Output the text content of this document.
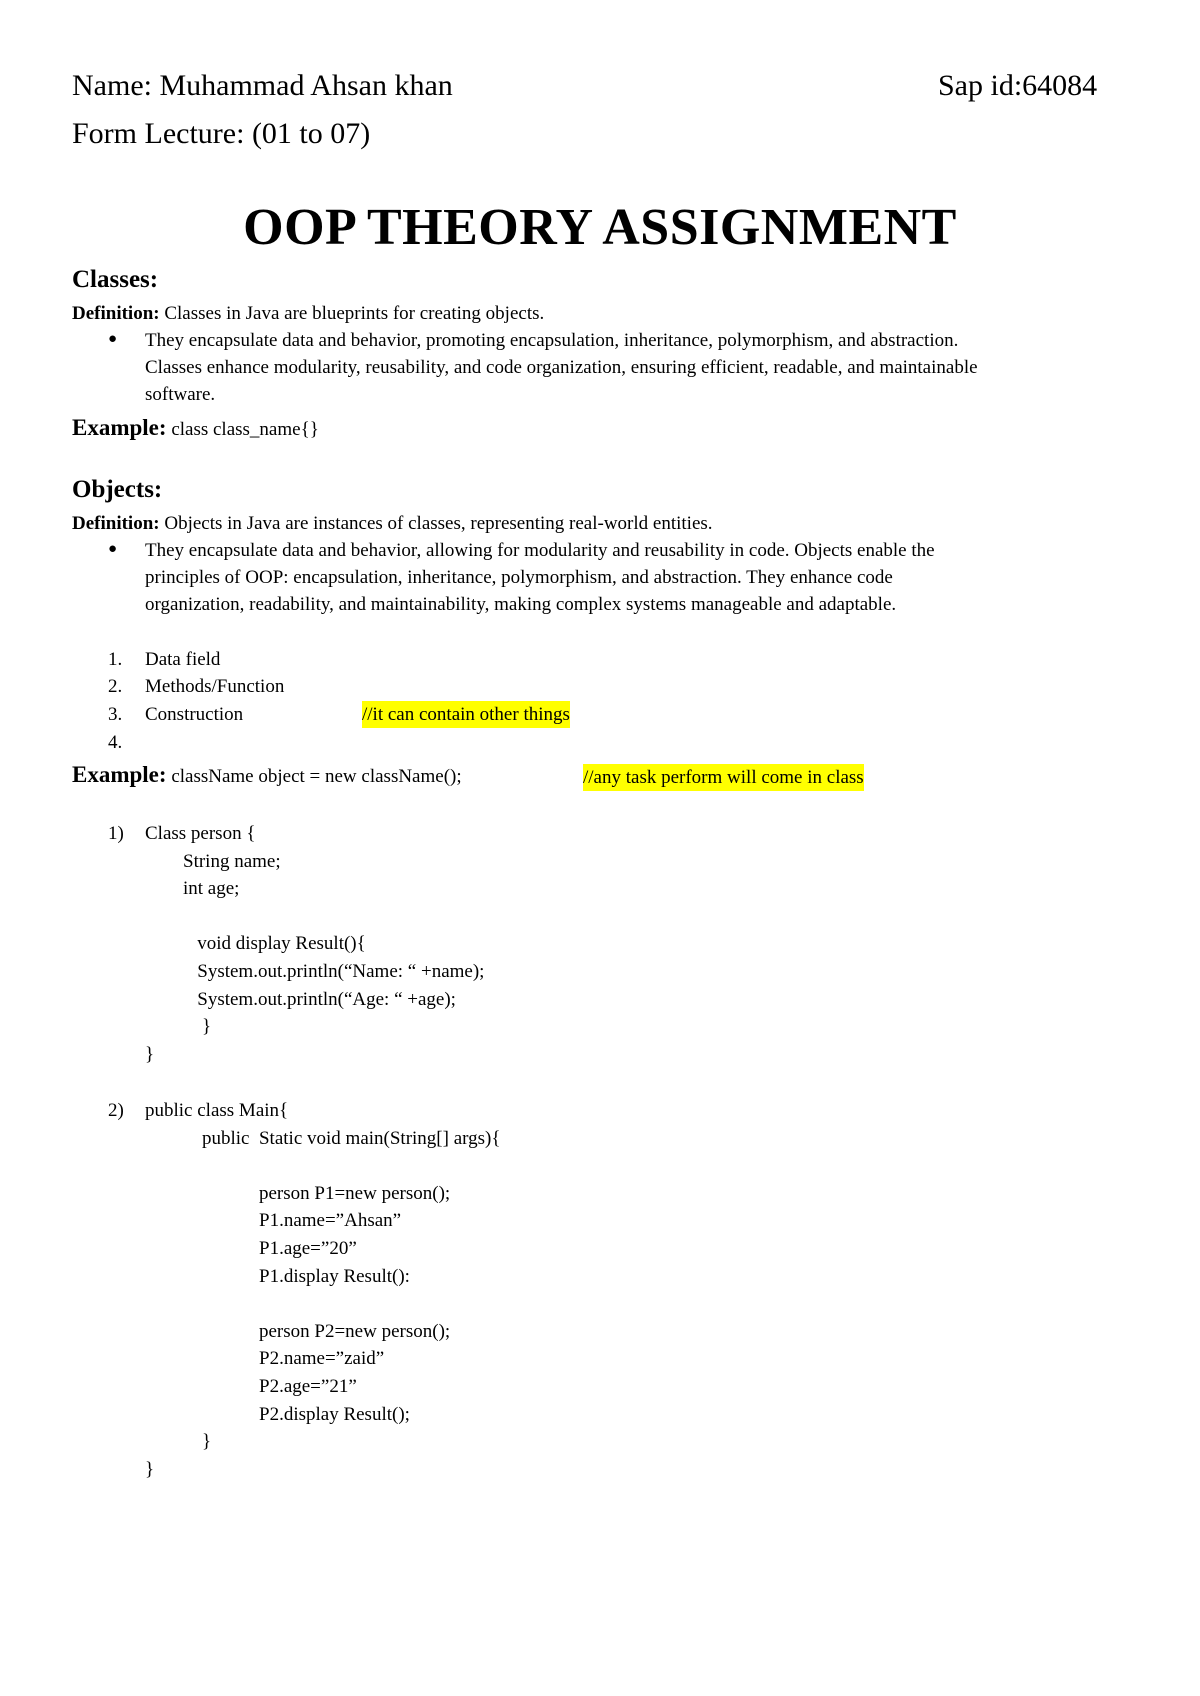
Name: Muhammad Ahsan khan	Sap id:64084
Form Lecture: (01 to 07)
OOP THEORY ASSIGNMENT
Classes:
Definition: Classes in Java are blueprints for creating objects.
● They encapsulate data and behavior, promoting encapsulation, inheritance, polymorphism, and abstraction.
Classes enhance modularity, reusability, and code organization, ensuring efficient, readable, and maintainable
software.
Example: class class_name{}
Objects:
Definition: Objects in Java are instances of classes, representing real-world entities.
● They encapsulate data and behavior, allowing for modularity and reusability in code. Objects enable the
principles of OOP: encapsulation, inheritance, polymorphism, and abstraction. They enhance code
organization, readability, and maintainability, making complex systems manageable and adaptable.
1. Data field
2. Methods/Function
3. Construction	//it can contain other things
4.
Example: className object = new className();	//any task perform will come in class
1) Class person {
String name;
int age;

void display Result(){
System.out.println(“Name: “ +name);
System.out.println(“Age: “ +age);
}
}
2) public class Main{
public  Static void main(String[] args){

person P1=new person();
P1.name=”Ahsan”
P1.age=”20”
P1.display Result():

person P2=new person();
P2.name=”zaid”
P2.age=”21”
P2.display Result();
}
}
